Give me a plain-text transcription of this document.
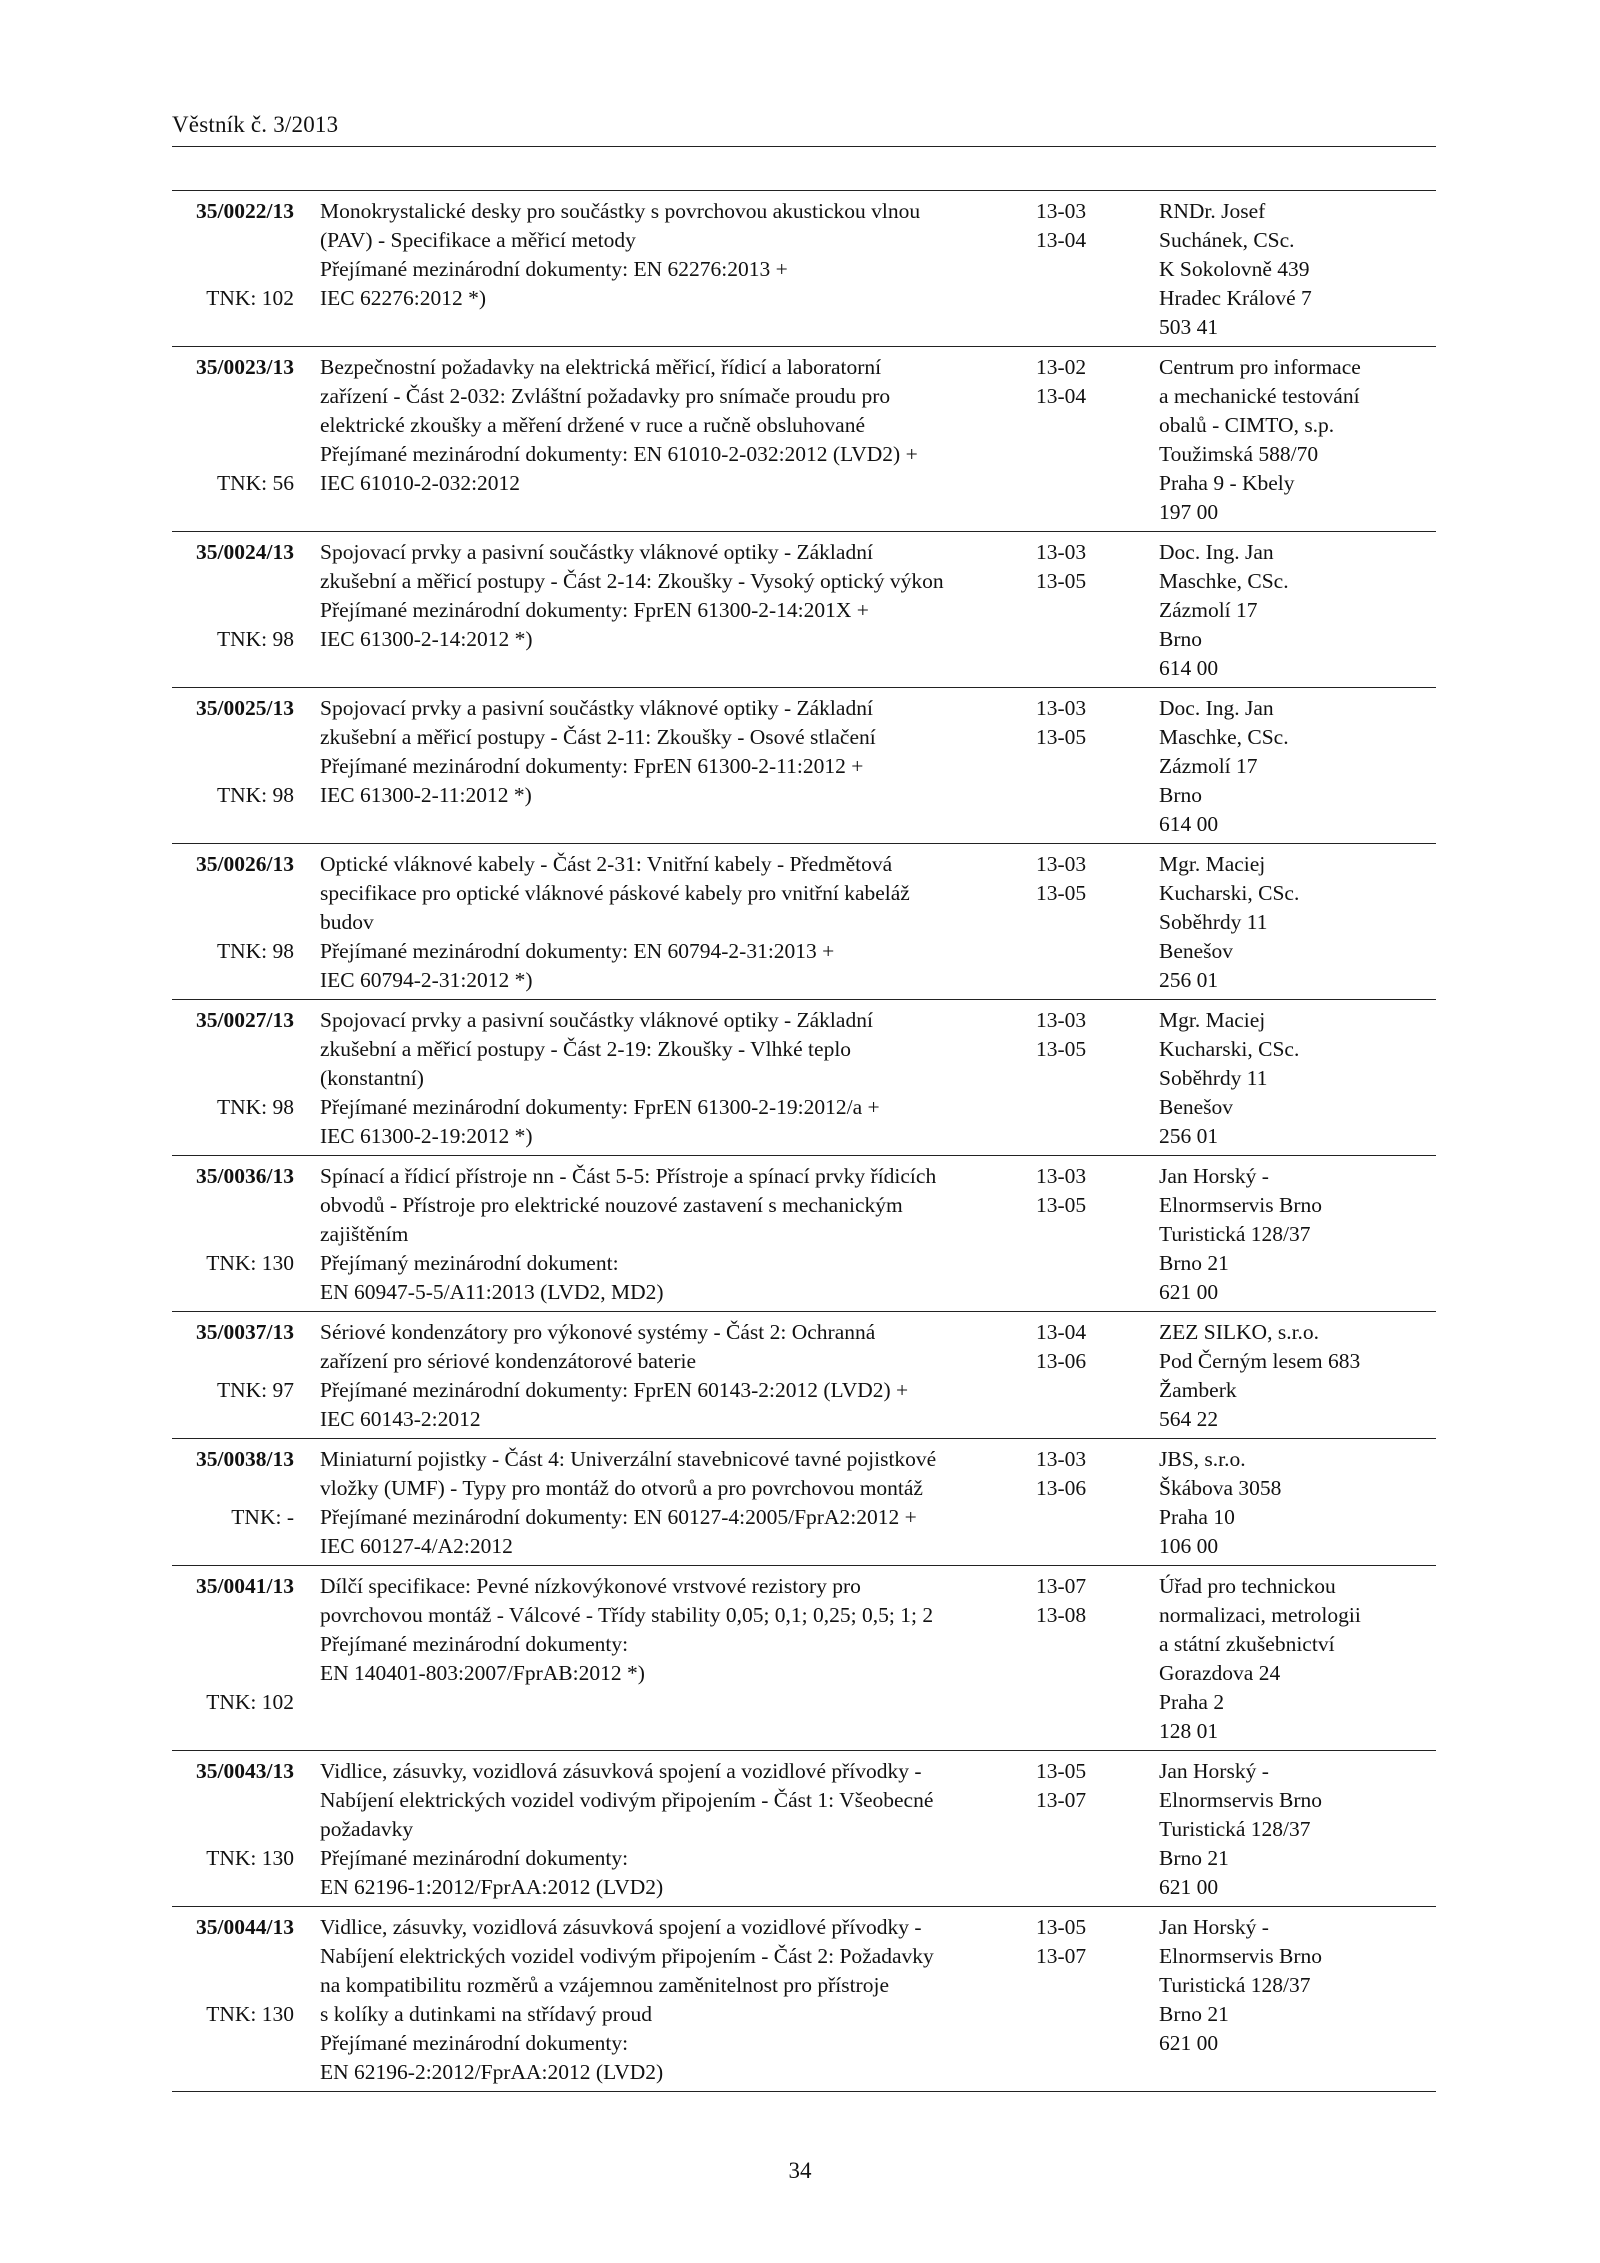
Věstník č. 3/2013
35/0022/13
TNK: 102
Monokrystalické desky pro součástky s povrchovou akustickou vlnou
(PAV) - Specifikace a měřicí metody
Přejímané mezinárodní dokumenty: EN 62276:2013 +
IEC 62276:2012 *)
13-03
13-04
RNDr. Josef
Suchánek, CSc.
K Sokolovně 439
Hradec Králové 7
503 41
35/0023/13
TNK: 56
Bezpečnostní požadavky na elektrická měřicí, řídicí a laboratorní
zařízení - Část 2-032: Zvláštní požadavky pro snímače proudu pro
elektrické zkoušky a měření držené v ruce a ručně obsluhované
Přejímané mezinárodní dokumenty: EN 61010-2-032:2012 (LVD2) +
IEC 61010-2-032:2012
13-02
13-04
Centrum pro informace
a mechanické testování
obalů - CIMTO, s.p.
Toužimská 588/70
Praha 9 - Kbely
197 00
35/0024/13
TNK: 98
Spojovací prvky a pasivní součástky vláknové optiky - Základní
zkušební a měřicí postupy - Část 2-14: Zkoušky - Vysoký optický výkon
Přejímané mezinárodní dokumenty: FprEN 61300-2-14:201X +
IEC 61300-2-14:2012 *)
13-03
13-05
Doc. Ing. Jan
Maschke, CSc.
Zázmolí 17
Brno
614 00
35/0025/13
TNK: 98
Spojovací prvky a pasivní součástky vláknové optiky - Základní
zkušební a měřicí postupy - Část 2-11: Zkoušky - Osové stlačení
Přejímané mezinárodní dokumenty: FprEN 61300-2-11:2012 +
IEC 61300-2-11:2012 *)
13-03
13-05
Doc. Ing. Jan
Maschke, CSc.
Zázmolí 17
Brno
614 00
35/0026/13
TNK: 98
Optické vláknové kabely - Část 2-31: Vnitřní kabely - Předmětová
specifikace pro optické vláknové páskové kabely pro vnitřní kabeláž
budov
Přejímané mezinárodní dokumenty: EN 60794-2-31:2013 +
IEC 60794-2-31:2012 *)
13-03
13-05
Mgr. Maciej
Kucharski, CSc.
Soběhrdy 11
Benešov
256 01
35/0027/13
TNK: 98
Spojovací prvky a pasivní součástky vláknové optiky - Základní
zkušební a měřicí postupy - Část 2-19: Zkoušky - Vlhké teplo
(konstantní)
Přejímané mezinárodní dokumenty: FprEN 61300-2-19:2012/a +
IEC 61300-2-19:2012 *)
13-03
13-05
Mgr. Maciej
Kucharski, CSc.
Soběhrdy 11
Benešov
256 01
35/0036/13
TNK: 130
Spínací a řídicí přístroje nn - Část 5-5: Přístroje a spínací prvky řídicích
obvodů - Přístroje pro elektrické nouzové zastavení s mechanickým
zajištěním
Přejímaný mezinárodní dokument:
EN 60947-5-5/A11:2013 (LVD2, MD2)
13-03
13-05
Jan Horský -
Elnormservis Brno
Turistická 128/37
Brno 21
621 00
35/0037/13
TNK: 97
Sériové kondenzátory pro výkonové systémy - Část 2: Ochranná
zařízení pro sériové kondenzátorové baterie
Přejímané mezinárodní dokumenty: FprEN 60143-2:2012 (LVD2) +
IEC 60143-2:2012
13-04
13-06
ZEZ SILKO, s.r.o.
Pod Černým lesem 683
Žamberk
564 22
35/0038/13
TNK: -
Miniaturní pojistky - Část 4: Univerzální stavebnicové tavné pojistkové
vložky (UMF) - Typy pro montáž do otvorů a pro povrchovou montáž
Přejímané mezinárodní dokumenty: EN 60127-4:2005/FprA2:2012 +
IEC 60127-4/A2:2012
13-03
13-06
JBS, s.r.o.
Škábova 3058
Praha 10
106 00
35/0041/13
TNK: 102
Dílčí specifikace: Pevné nízkovýkonové vrstvové rezistory pro
povrchovou montáž - Válcové - Třídy stability 0,05; 0,1; 0,25; 0,5; 1; 2
Přejímané mezinárodní dokumenty:
EN 140401-803:2007/FprAB:2012 *)
13-07
13-08
Úřad pro technickou
normalizaci, metrologii
a státní zkušebnictví
Gorazdova 24
Praha 2
128 01
35/0043/13
TNK: 130
Vidlice, zásuvky, vozidlová zásuvková spojení a vozidlové přívodky -
Nabíjení elektrických vozidel vodivým připojením - Část 1: Všeobecné
požadavky
Přejímané mezinárodní dokumenty:
EN 62196-1:2012/FprAA:2012 (LVD2)
13-05
13-07
Jan Horský -
Elnormservis Brno
Turistická 128/37
Brno 21
621 00
35/0044/13
TNK: 130
Vidlice, zásuvky, vozidlová zásuvková spojení a vozidlové přívodky -
Nabíjení elektrických vozidel vodivým připojením - Část 2: Požadavky
na kompatibilitu rozměrů a vzájemnou zaměnitelnost pro přístroje
s kolíky a dutinkami na střídavý proud
Přejímané mezinárodní dokumenty:
EN 62196-2:2012/FprAA:2012 (LVD2)
13-05
13-07
Jan Horský -
Elnormservis Brno
Turistická 128/37
Brno 21
621 00
34
